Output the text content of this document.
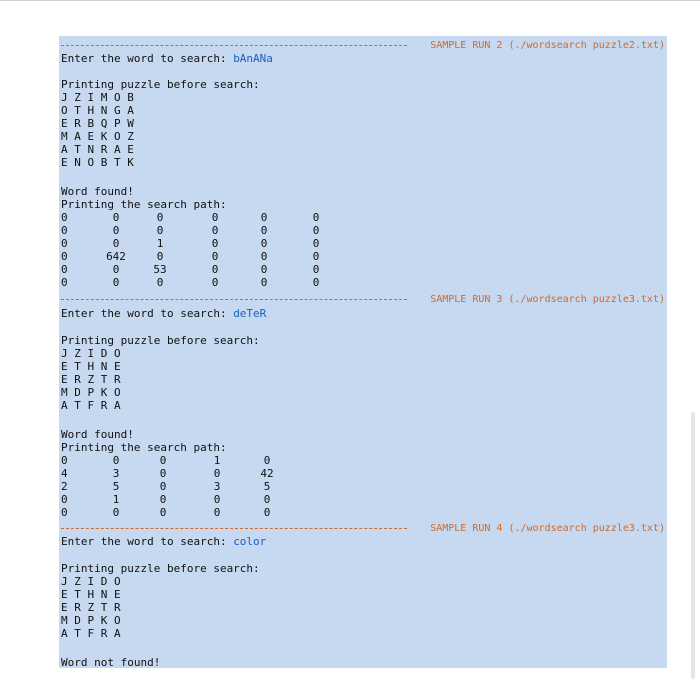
SAMPLE RUN 2 (./wordsearch puzzle2.txt)
Enter the word to search: bAnANa
Printing puzzle before search:
J Z I M O B
O T H N G A
E R B Q P W
M A E K O Z
A T N R A E
E N O B T K
Word found!
Printing the search path:
0	0	0	0	0	0
0	0	0	0	0	0
0	0	1	0	0	0
0	642	0	0	0	0
0	0	53	0	0	0
0	0	0	0	0	0
SAMPLE RUN 3 (./wordsearch puzzle3.txt)
Enter the word to search: deTeR
Printing puzzle before search:
J Z I D O
E T H N E
E R Z T R
M D P K O
A T F R A
Word found!
Printing the search path:
0	0	0	1	0
4	3	0	0	42
2	5	0	3	5
0	1	0	0	0
0	0	0	0	0
SAMPLE RUN 4 (./wordsearch puzzle3.txt)
Enter the word to search: color
Printing puzzle before search:
J Z I D O
E T H N E
E R Z T R
M D P K O
A T F R A
Word not found!
